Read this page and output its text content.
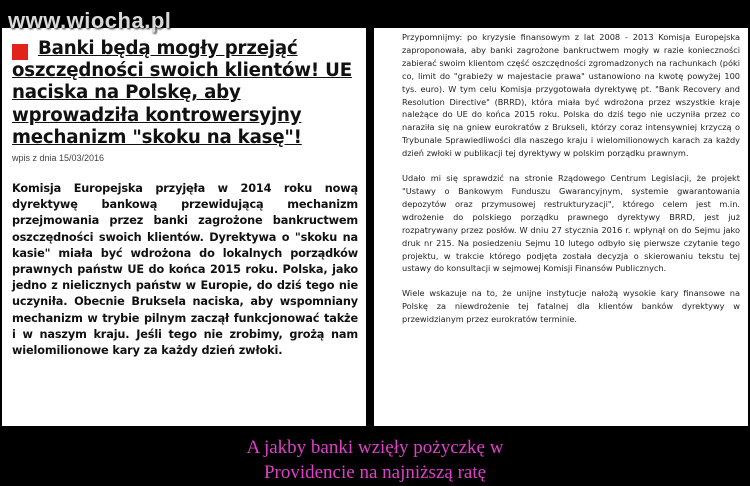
www.wiocha.pl
Banki będą mogły przejąć oszczędności swoich klientów! UE naciska na Polskę, aby wprowadziła kontrowersyjny mechanizm "skoku na kasę"!
wpis z dnia 15/03/2016
Komisja Europejska przyjęła w 2014 roku nową dyrektywę bankową przewidującą mechanizm przejmowania przez banki zagrożone bankructwem oszczędności swoich klientów. Dyrektywa o "skoku na kasie" miała być wdrożona do lokalnych porządków prawnych państw UE do końca 2015 roku. Polska, jako jedno z nielicznych państw w Europie, do dziś tego nie uczyniła. Obecnie Bruksela naciska, aby wspomniany mechanizm w trybie pilnym zaczął funkcjonować także i w naszym kraju. Jeśli tego nie zrobimy, grożą nam wielomilionowe kary za każdy dzień zwłoki.

Przypomnijmy: po kryzysie finansowym z lat 2008 - 2013 Komisja Europejska zaproponowała, aby banki zagrożone bankructwem mogły w razie konieczności zabierać swoim klientom część oszczędności zgromadzonych na rachunkach (póki co, limit do "grabieży w majestacie prawa" ustanowiono na kwotę powyżej 100 tys. euro). W tym celu Komisja przygotowała dyrektywę pt. "Bank Recovery and Resolution Directive" (BRRD), która miała być wdrożona przez wszystkie kraje należące do UE do końca 2015 roku. Polska do dziś tego nie uczyniła przez co naraziła się na gniew eurokratów z Brukseli, którzy coraz intensywniej krzyczą o Trybunale Sprawiedliwości dla naszego kraju i wielomilionowych karach za każdy dzień zwłoki w publikacji tej dyrektywy w polskim porządku prawnym.

Udało mi się sprawdzić na stronie Rządowego Centrum Legislacji, że projekt "Ustawy o Bankowym Funduszu Gwarancyjnym, systemie gwarantowania depozytów oraz przymusowej restrukturyzacji", którego celem jest m.in. wdrożenie do polskiego porządku prawnego dyrektywy BRRD, jest już rozpatrywany przez posłów. W dniu 27 stycznia 2016 r. wpłynął on do Sejmu jako druk nr 215. Na posiedzeniu Sejmu 10 lutego odbyło się pierwsze czytanie tego projektu, w trakcie którego podjęta została decyzja o skierowaniu tekstu tej ustawy do konsultacji w sejmowej Komisji Finansów Publicznych.

Wiele wskazuje na to, że unijne instytucje nałożą wysokie kary finansowe na Polskę za niewdrożenie tej fatalnej dla klientów banków dyrektywy w przewidzianym przez eurokratów terminie.

A jakby banki wzięły pożyczkę w
Providencie na najniższą ratę
